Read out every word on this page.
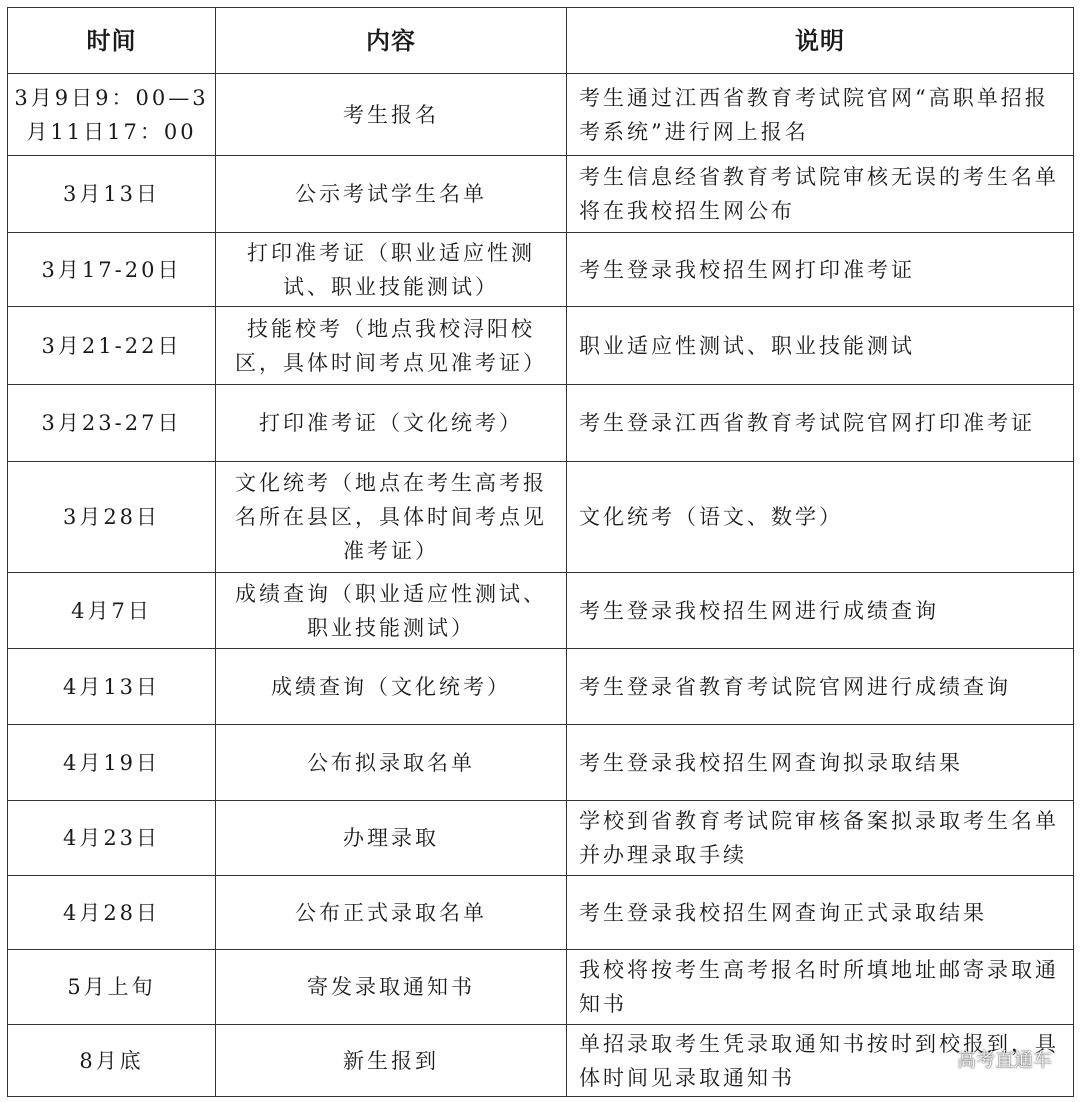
时间	内容	说明
3月9日9：00—3月11日17：00	考生报名	考生通过江西省教育考试院官网“高职单招报考系统”进行网上报名
3月13日	公示考试学生名单	考生信息经省教育考试院审核无误的考生名单将在我校招生网公布
3月17-20日	打印准考证（职业适应性测试、职业技能测试）	考生登录我校招生网打印准考证
3月21-22日	技能校考（地点我校浔阳校区，具体时间考点见准考证）	职业适应性测试、职业技能测试
3月23-27日	打印准考证（文化统考）	考生登录江西省教育考试院官网打印准考证
3月28日	文化统考（地点在考生高考报名所在县区，具体时间考点见准考证）	文化统考（语文、数学）
4月7日	成绩查询（职业适应性测试、职业技能测试）	考生登录我校招生网进行成绩查询
4月13日	成绩查询（文化统考）	考生登录省教育考试院官网进行成绩查询
4月19日	公布拟录取名单	考生登录我校招生网查询拟录取结果
4月23日	办理录取	学校到省教育考试院审核备案拟录取考生名单并办理录取手续
4月28日	公布正式录取名单	考生登录我校招生网查询正式录取结果
5月上旬	寄发录取通知书	我校将按考生高考报名时所填地址邮寄录取通知书
8月底	新生报到	单招录取考生凭录取通知书按时到校报到，具体时间见录取通知书
高考直通车
